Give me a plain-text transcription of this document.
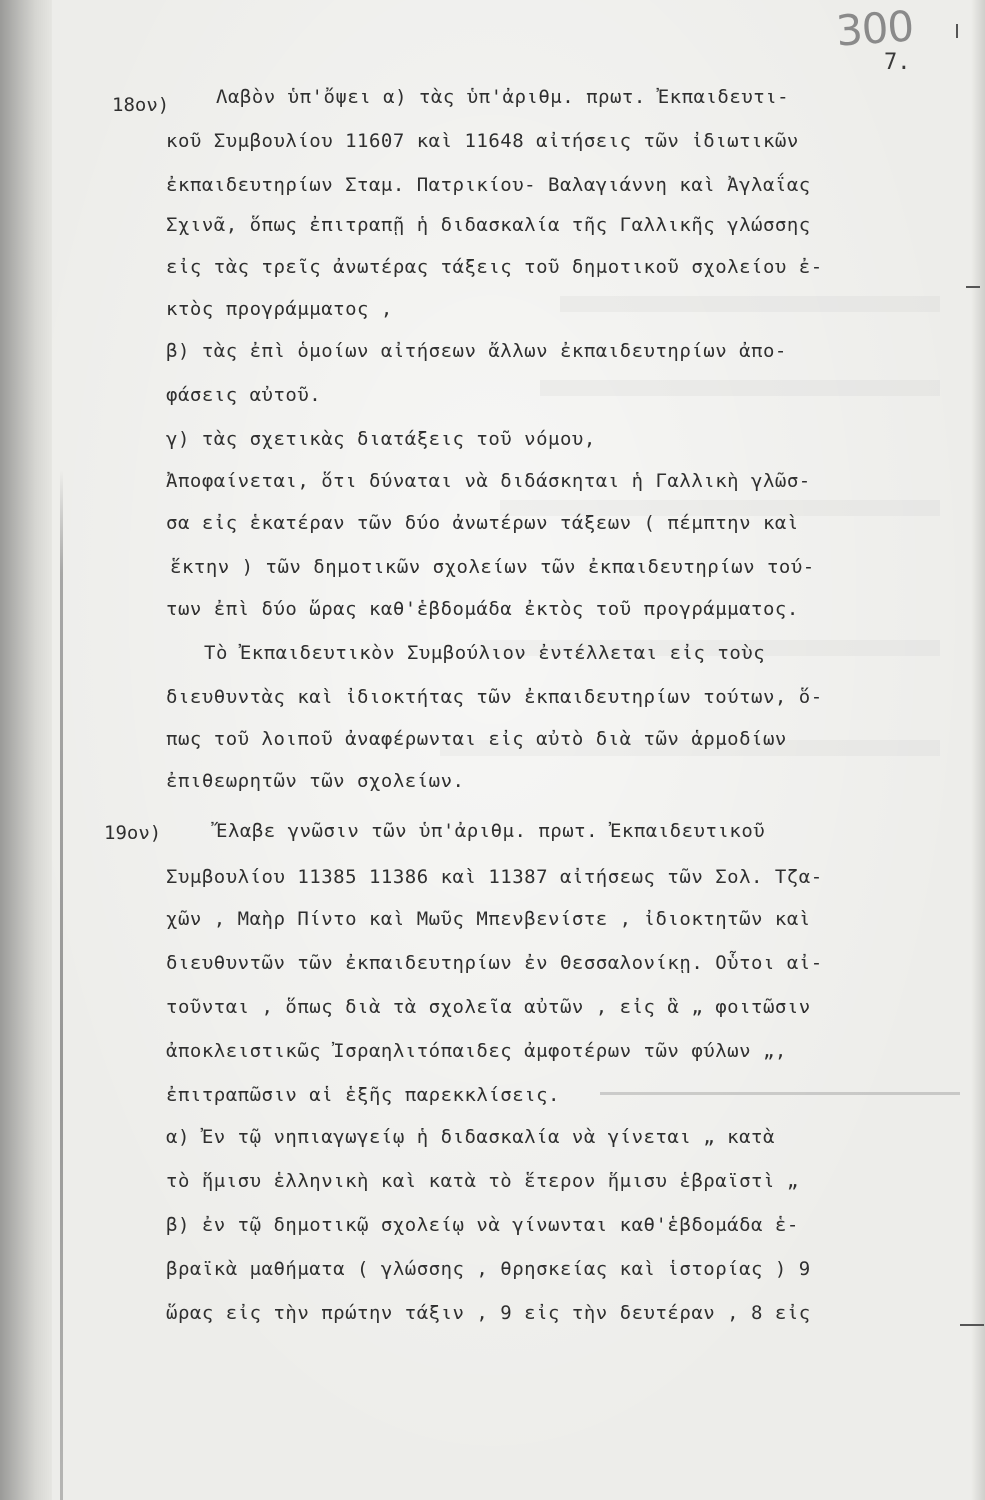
300
7.
18ον) Λαβὸν ὑπ'ὄψει α) τὰς ὑπ'ἀριθμ. πρωτ. Ἐκπαιδευτι-
κοῦ Συμβουλίου 11607 καὶ 11648 αἰτήσεις τῶν ἰδιωτικῶν
ἐκπαιδευτηρίων Σταμ. Πατρικίου- Βαλαγιάννη καὶ Ἀγλαΐας
Σχινᾶ, ὅπως ἐπιτραπῇ ἡ διδασκαλία τῆς Γαλλικῆς γλώσσης
εἰς τὰς τρεῖς ἀνωτέρας τάξεις τοῦ δημοτικοῦ σχολείου ἐ-
κτὸς προγράμματος ,
β) τὰς ἐπὶ ὁμοίων αἰτήσεων ἄλλων ἐκπαιδευτηρίων ἀπο-
φάσεις αὐτοῦ.
γ) τὰς σχετικὰς διατάξεις τοῦ νόμου,
Ἀποφαίνεται, ὅτι δύναται νὰ διδάσκηται ἡ Γαλλικὴ γλῶσ-
σα εἰς ἑκατέραν τῶν δύο ἀνωτέρων τάξεων ( πέμπτην καὶ
ἕκτην ) τῶν δημοτικῶν σχολείων τῶν ἐκπαιδευτηρίων τού-
των ἐπὶ δύο ὥρας καθ'ἑβδομάδα ἐκτὸς τοῦ προγράμματος.
Τὸ Ἐκπαιδευτικὸν Συμβούλιον ἐντέλλεται εἰς τοὺς
διευθυντὰς καὶ ἰδιοκτήτας τῶν ἐκπαιδευτηρίων τούτων, ὅ-
πως τοῦ λοιποῦ ἀναφέρωνται εἰς αὐτὸ διὰ τῶν ἁρμοδίων
ἐπιθεωρητῶν τῶν σχολείων.
19ον)	Ἔλαβε γνῶσιν τῶν ὑπ'ἀριθμ. πρωτ. Ἐκπαιδευτικοῦ
Συμβουλίου 11385 11386 καὶ 11387 αἰτήσεως τῶν Σολ. Τζα-
χῶν , Μαὴρ Πίντο καὶ Μωῦς Μπενβενίστε , ἰδιοκτητῶν καὶ
διευθυντῶν τῶν ἐκπαιδευτηρίων ἐν Θεσσαλονίκῃ. Οὗτοι αἰ-
τοῦνται , ὅπως διὰ τὰ σχολεῖα αὐτῶν , εἰς ἃ „ φοιτῶσιν
ἀποκλειστικῶς Ἰσραηλιτόπαιδες ἀμφοτέρων τῶν φύλων „,
ἐπιτραπῶσιν αἱ ἑξῆς παρεκκλίσεις.
α) Ἐν τῷ νηπιαγωγείῳ ἡ διδασκαλία νὰ γίνεται „ κατὰ
τὸ ἥμισυ ἑλληνικὴ καὶ κατὰ τὸ ἕτερον ἥμισυ ἑβραϊστὶ „
β) ἐν τῷ δημοτικῷ σχολείῳ νὰ γίνωνται καθ'ἑβδομάδα ἑ-
βραϊκὰ μαθήματα ( γλώσσης , θρησκείας καὶ ἱστορίας ) 9
ὥρας εἰς τὴν πρώτην τάξιν , 9 εἰς τὴν δευτέραν , 8 εἰς
